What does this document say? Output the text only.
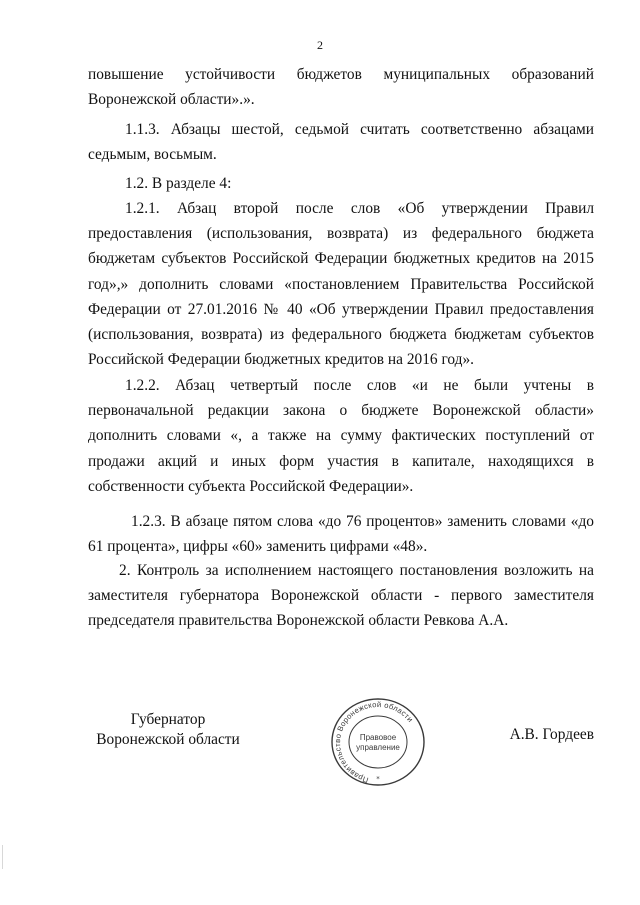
2

повышение устойчивости бюджетов муниципальных образований Воронежской области».».

1.1.3. Абзацы шестой, седьмой считать соответственно абзацами седьмым, восьмым.

1.2. В разделе 4:

1.2.1. Абзац второй после слов «Об утверждении Правил предоставления (использования, возврата) из федерального бюджета бюджетам субъектов Российской Федерации бюджетных кредитов на 2015 год»,» дополнить словами «постановлением Правительства Российской Федерации от 27.01.2016 № 40 «Об утверждении Правил предоставления (использования, возврата) из федерального бюджета бюджетам субъектов Российской Федерации бюджетных кредитов на 2016 год».

1.2.2. Абзац четвертый после слов «и не были учтены в первоначальной редакции закона о бюджете Воронежской области» дополнить словами «, а также на сумму фактических поступлений от продажи акций и иных форм участия в капитале, находящихся в собственности субъекта Российской Федерации».

1.2.3. В абзаце пятом слова «до 76 процентов» заменить словами «до 61 процента», цифры «60» заменить цифрами «48».

2. Контроль за исполнением настоящего постановления возложить на заместителя губернатора Воронежской области - первого заместителя председателя правительства Воронежской области Ревкова А.А.

Губернатор
Воронежской области
Правительство Воронежской области
Правовое
управление
*
А.В. Гордеев
